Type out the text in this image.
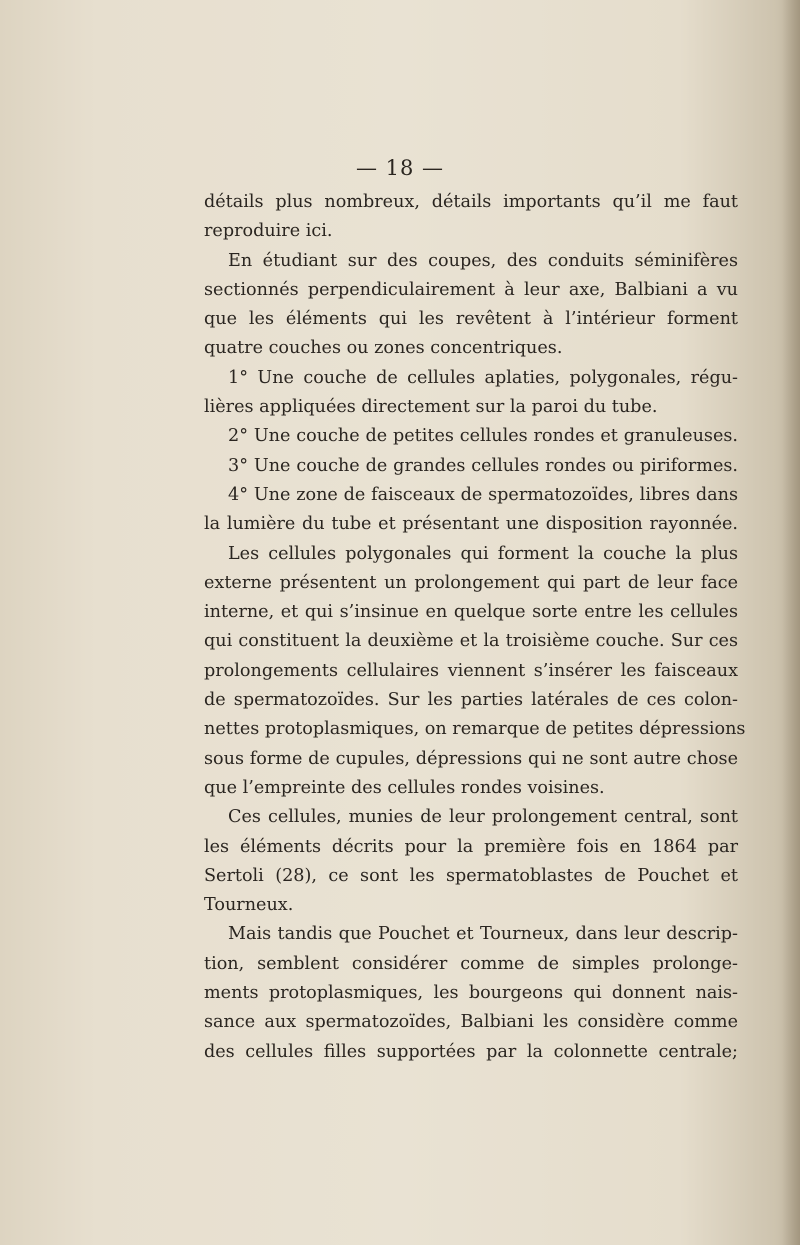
— 18 —
détails plus nombreux, détails importants qu’il me faut
reproduire ici.
En étudiant sur des coupes, des conduits séminifères
sectionnés perpendiculairement à leur axe, Balbiani a vu
que les éléments qui les revêtent à l’intérieur forment
quatre couches ou zones concentriques.
1° Une couche de cellules aplaties, polygonales, régu-
lières appliquées directement sur la paroi du tube.
2° Une couche de petites cellules rondes et granuleuses.
3° Une couche de grandes cellules rondes ou piriformes.
4° Une zone de faisceaux de spermatozoïdes, libres dans
la lumière du tube et présentant une disposition rayonnée.
Les cellules polygonales qui forment la couche la plus
externe présentent un prolongement qui part de leur face
interne, et qui s’insinue en quelque sorte entre les cellules
qui constituent la deuxième et la troisième couche. Sur ces
prolongements cellulaires viennent s’insérer les faisceaux
de spermatozoïdes. Sur les parties latérales de ces colon-
nettes protoplasmiques, on remarque de petites dépressions
sous forme de cupules, dépressions qui ne sont autre chose
que l’empreinte des cellules rondes voisines.
Ces cellules, munies de leur prolongement central, sont
les éléments décrits pour la première fois en 1864 par
Sertoli (28), ce sont les spermatoblastes de Pouchet et
Tourneux.
Mais tandis que Pouchet et Tourneux, dans leur descrip-
tion, semblent considérer comme de simples prolonge-
ments protoplasmiques, les bourgeons qui donnent nais-
sance aux spermatozoïdes, Balbiani les considère comme
des cellules filles supportées par la colonnette centrale;
